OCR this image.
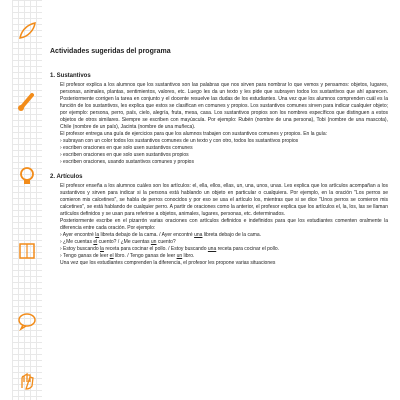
Actividades sugeridas del programa
1. Sustantivos
El profesor explica a los alumnos que los sustantivos son las palabras que nos sirven para nombrar lo que vemos y pensamos: objetos, lugares, personas, animales, plantas, sentimientos, valores, etc. Luego les da un texto y les pide que subrayen todos los sustantivos que ahí aparecen. Posteriormente corrigen la tarea en conjunto y el docente resuelve las dudas de los estudiantes. Una vez que los alumnos comprenden cuál es la función de los sustantivos, les explica que estos se clasifican en comunes y propios. Los sustantivos comunes sirven para indicar cualquier objeto; por ejemplo: persona, perro, país, cielo, alegría, fruta, mesa, casa. Los sustantivos propios son los nombres específicos que distinguen a estos objetos de otros similares. Siempre se escriben con mayúscula. Por ejemplo: Rubén (nombre de una persona), Tobi (nombre de una mascota), Chile (nombre de un país), Jacinta (nombre de una muñeca).
El profesor entrega una guía de ejercicios para que los alumnos trabajen con sustantivos comunes y propios. En la guía:
› subrayan con un color todos los sustantivos comunes de un texto y con otro, todos los sustantivos propios
› escriben oraciones en que solo usen sustantivos comunes
› escriben oraciones en que solo usen sustantivos propios
› escriben oraciones, usando sustantivos comunes y propios
2. Artículos
El profesor enseña a los alumnos cuáles son los artículos: el, ella, ellos, ellas, un, una, unos, unas. Les explica que los artículos acompañan a los sustantivos y sirven para indicar si la persona está hablando un objeto en particular o cualquiera. Por ejemplo, en la oración "Los perros se comieron mis calcetines", se habla de perros conocidos y por eso se usa el artículo los, mientras que si se dice "Unos perros se comieron mis calcetines", se está hablando de cualquier perro. A partir de oraciones como la anterior, el profesor explica que los artículos el, la, los, las se llaman artículos definidos y se usan para referirse a objetos, animales, lugares, personas, etc. determinados.
Posteriormente escribe en el pizarrón varias oraciones con artículos definidos e indefinidos para que los estudiantes comenten oralmente la diferencia entre cada oración. Por ejemplo:
› Ayer encontré la libreta debajo de la cama. / Ayer encontré una libreta debajo de la cama.
› ¿Me cuentas el cuento? / ¿Me cuentas un cuento?
› Estoy buscando la receta para cocinar el pollo. / Estoy buscando una receta para cocinar el pollo.
› Tengo ganas de leer el libro. / Tengo ganas de leer un libro.
Una vez que los estudiantes comprenden la diferencia, el profesor les propone varias situaciones
